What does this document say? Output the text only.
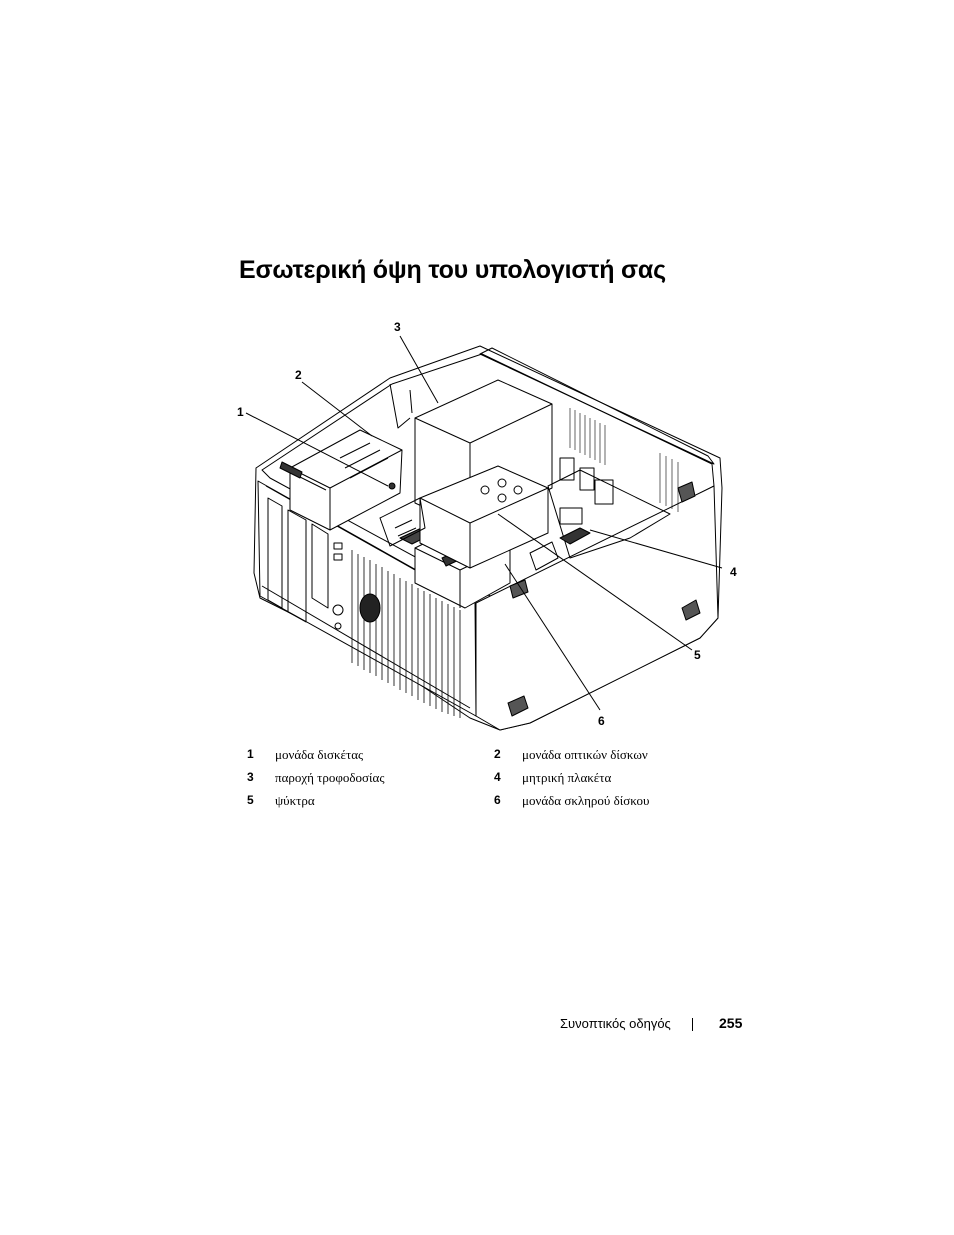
Εσωτερική όψη του υπολογιστή σας
1
2
3
4
5
6
1 μονάδα δισκέτας	2 μονάδα οπτικών δίσκων
3 παροχή τροφοδοσίας	4 μητρική πλακέτα
5 ψύκτρα	6 μονάδα σκληρού δίσκου
Συνοπτικός οδηγός	255
